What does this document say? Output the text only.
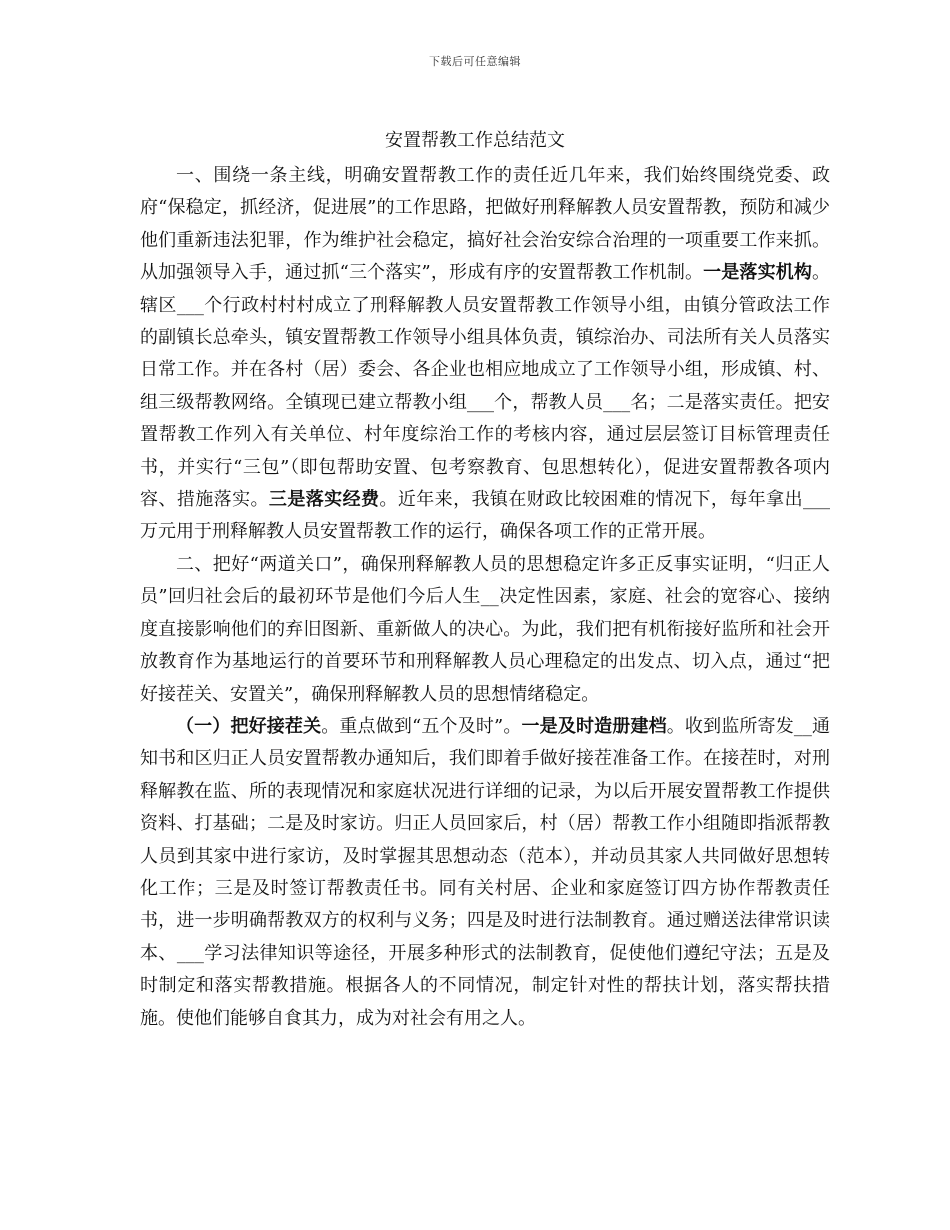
下载后可任意编辑
安置帮教工作总结范文

一、围绕一条主线，明确安置帮教工作的责任近几年来，我们始终围绕党委、政府“保稳定，抓经济，促进展”的工作思路，把做好刑释解教人员安置帮教，预防和减少他们重新违法犯罪，作为维护社会稳定，搞好社会治安综合治理的一项重要工作来抓。从加强领导入手，通过抓“三个落实”，形成有序的安置帮教工作机制。一是落实机构。辖区___个行政村村村成立了刑释解教人员安置帮教工作领导小组，由镇分管政法工作的副镇长总牵头，镇安置帮教工作领导小组具体负责，镇综治办、司法所有关人员落实日常工作。并在各村（居）委会、各企业也相应地成立了工作领导小组，形成镇、村、组三级帮教网络。全镇现已建立帮教小组___个，帮教人员___名；二是落实责任。把安置帮教工作列入有关单位、村年度综治工作的考核内容，通过层层签订目标管理责任书，并实行“三包”（即包帮助安置、包考察教育、包思想转化），促进安置帮教各项内容、措施落实。三是落实经费。近年来，我镇在财政比较困难的情况下，每年拿出___万元用于刑释解教人员安置帮教工作的运行，确保各项工作的正常开展。

二、把好“两道关口”，确保刑释解教人员的思想稳定许多正反事实证明，“归正人员”回归社会后的最初环节是他们今后人生__决定性因素，家庭、社会的宽容心、接纳度直接影响他们的弃旧图新、重新做人的决心。为此，我们把有机衔接好监所和社会开放教育作为基地运行的首要环节和刑释解教人员心理稳定的出发点、切入点，通过“把好接茬关、安置关”，确保刑释解教人员的思想情绪稳定。

（一）把好接茬关。重点做到“五个及时”。一是及时造册建档。收到监所寄发__通知书和区归正人员安置帮教办通知后，我们即着手做好接茬准备工作。在接茬时，对刑释解教在监、所的表现情况和家庭状况进行详细的记录，为以后开展安置帮教工作提供资料、打基础；二是及时家访。归正人员回家后，村（居）帮教工作小组随即指派帮教人员到其家中进行家访，及时掌握其思想动态（范本），并动员其家人共同做好思想转化工作；三是及时签订帮教责任书。同有关村居、企业和家庭签订四方协作帮教责任书，进一步明确帮教双方的权利与义务；四是及时进行法制教育。通过赠送法律常识读本、___学习法律知识等途径，开展多种形式的法制教育，促使他们遵纪守法；五是及时制定和落实帮教措施。根据各人的不同情况，制定针对性的帮扶计划，落实帮扶措施。使他们能够自食其力，成为对社会有用之人。
